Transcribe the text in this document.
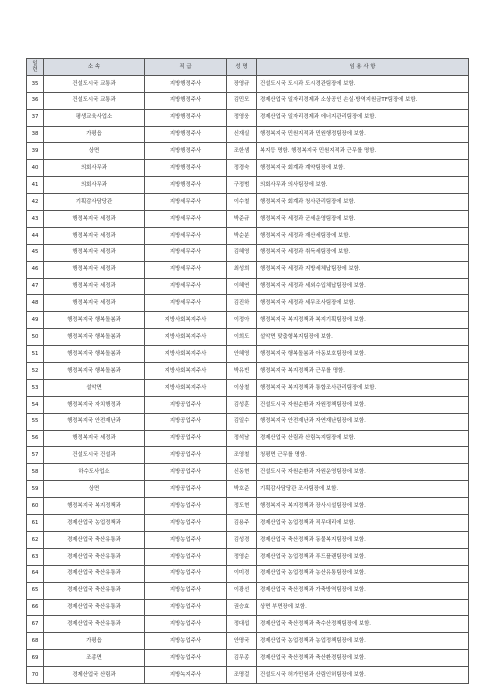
일
련	소 속	직 급	성 명	임 용 사 항
35	건설도시국 교통과	지방행정주사	장영규	건설도시국 도시과 도시경관팀장에 보함.
36	건설도시국 교통과	지방행정주사	김민모	경제산업국 일자리경제과 소상공인 손실·방역지원금TF팀장에 보함.
37	평생교육사업소	지방행정주사	정영웅	경제산업국 일자리경제과 에너지관리팀장에 보함.
38	가평읍	지방행정주사	신재실	행정복지국 민원지적과 민원행정팀장에 보함.
39	상면	지방행정주사	조한샘	복지등 명함. 행정복지국 민원지적과 근무를 명함.
40	의회사무과	지방행정주사	정경숙	행정복지국 회계과 계약팀장에 보함.
41	의회사무과	지방행정주사	구정범	의회사무과 의사팀장에 보함.
42	기획감사담당관	지방세무주사	이수철	행정복지국 회계과 청사관리팀장에 보함.
43	행정복지국 세정과	지방세무주사	박준규	행정복지국 세정과 군세운영팀장에 보함.
44	행정복지국 세정과	지방세무주사	박순분	행정복지국 세정과 재산세팀장에 보함.
45	행정복지국 세정과	지방세무주사	김혜영	행정복지국 세정과 취득세팀장에 보함.
46	행정복지국 세정과	지방세무주사	최성희	행정복지국 세정과 지방세체납팀장에 보함.
47	행정복지국 세정과	지방세무주사	이혜연	행정복지국 세정과 세외수입체납팀장에 보함.
48	행정복지국 세정과	지방세무주사	김진하	행정복지국 세정과 세무조사팀장에 보함.
49	행정복지국 행복돌봄과	지방사회복지주사	이정아	행정복지국 복지정책과 복지기획팀장에 보함.
50	행정복지국 행복돌봄과	지방사회복지주사	이희도	설악면 맞춤형복지팀장에 보함.
51	행정복지국 행복돌봄과	지방사회복지주사	안혜영	행정복지국 행복돌봄과 아동보호팀장에 보함.
52	행정복지국 행복돌봄과	지방사회복지주사	박유빈	행정복지국 복지정책과 근무를 명함.
53	설악면	지방사회복지주사	이상철	행정복지국 복지정책과 통합조사관리팀장에 보함.
54	행정복지국 자치행정과	지방공업주사	김성훈	건설도시국 자원순환과 자원정책팀장에 보함.
55	행정복지국 안전재난과	지방공업주사	김일수	행정복지국 안전재난과 자연재난팀장에 보함.
56	행정복지국 세정과	지방공업주사	정석남	경제산업국 산림과 산림녹지팀장에 보함.
57	건설도시국 건설과	지방공업주사	조영철	청평면 근무를 명함.
58	하수도사업소	지방공업주사	신동현	건설도시국 자원순환과 자원운영팀장에 보함.
59	상면	지방공업주사	박호준	기획감사담당관 조사팀장에 보함.
60	행정복지국 복지정책과	지방농업주사	정도현	행정복지국 복지정책과 장사시설팀장에 보함.
61	경제산업국 농업정책과	지방농업주사	김용주	경제산업국 농업정책과 직무대리에 보함.
62	경제산업국 축산유통과	지방농업주사	김성경	경제산업국 축산정책과 동물복지팀장에 보함.
63	경제산업국 축산유통과	지방농업주사	정영순	경제산업국 농업정책과 푸드플랜팀장에 보함.
64	경제산업국 축산유통과	지방농업주사	이미경	경제산업국 농업정책과 농산유통팀장에 보함.
65	경제산업국 축산유통과	지방농업주사	이광선	경제산업국 축산정책과 가축방역팀장에 보함.
66	경제산업국 축산유통과	지방농업주사	권승효	상면 부면장에 보함.
67	경제산업국 축산유통과	지방농업주사	정대섭	경제산업국 축산정책과 축수산정책팀장에 보함.
68	가평읍	지방농업주사	안명국	경제산업국 농업정책과 농업정책팀장에 보함.
69	조종면	지방농업주사	김무종	경제산업국 축산정책과 축산환경팀장에 보함.
70	경제산업국 산림과	지방녹지주사	조명걸	건설도시국 허가민원과 산림인허팀장에 보함.
